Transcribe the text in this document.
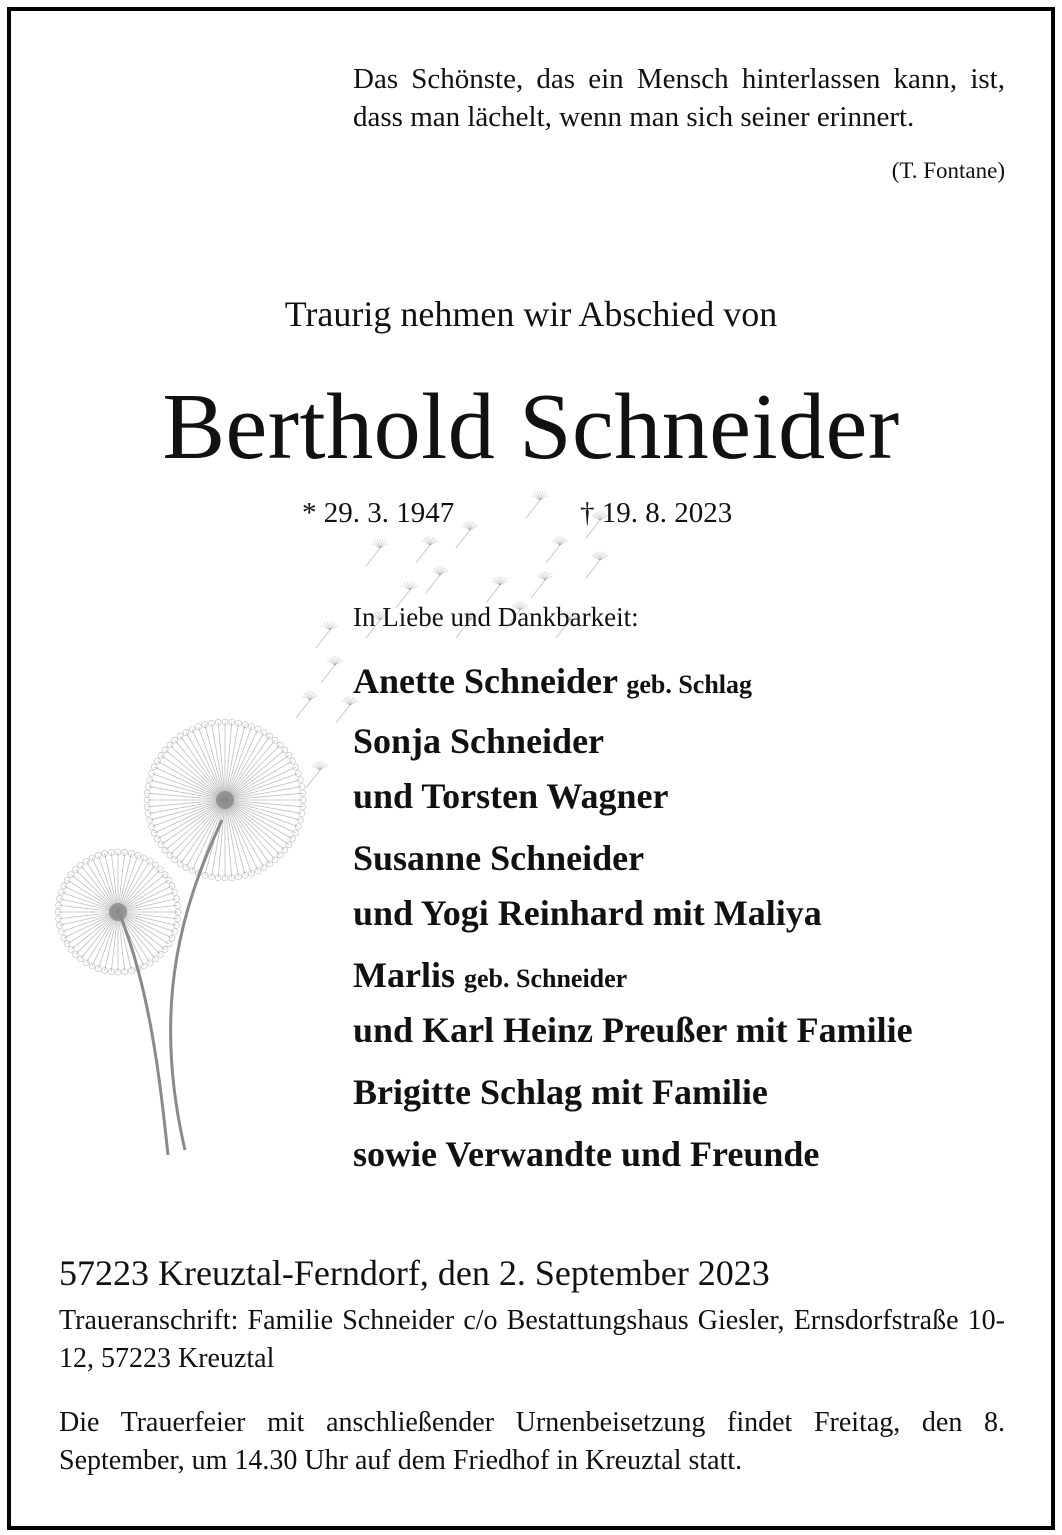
Das Schönste, das ein Mensch hinterlassen kann, ist, dass man lächelt, wenn man sich seiner erinnert.
(T. Fontane)
Traurig nehmen wir Abschied von
Berthold Schneider
* 29. 3. 1947	† 19. 8. 2023
In Liebe und Dankbarkeit:
Anette Schneider geb. Schlag
Sonja Schneider
und Torsten Wagner
Susanne Schneider
und Yogi Reinhard mit Maliya
Marlis geb. Schneider
und Karl Heinz Preußer mit Familie
Brigitte Schlag mit Familie
sowie Verwandte und Freunde
57223 Kreuztal-Ferndorf, den 2. September 2023
Traueranschrift: Familie Schneider c/o Bestattungshaus Giesler, Ernsdorfstraße 10-12, 57223 Kreuztal
Die Trauerfeier mit anschließender Urnenbeisetzung findet Freitag, den 8. September, um 14.30 Uhr auf dem Friedhof in Kreuztal statt.
